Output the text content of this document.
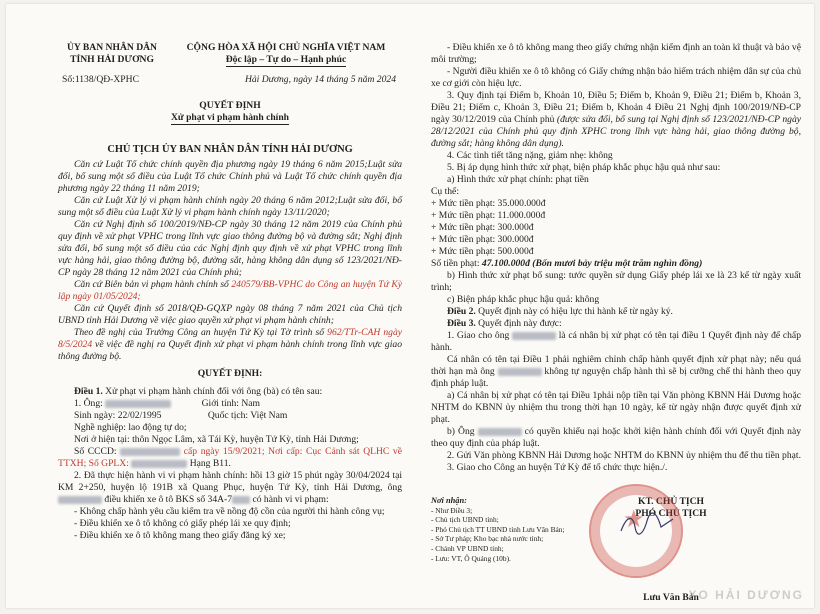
ỦY BAN NHÂN DÂN
TỈNH HẢI DƯƠNG
CỘNG HÒA XÃ HỘI CHỦ NGHĨA VIỆT NAM
Độc lập – Tự do – Hạnh phúc
Số:1138/QĐ-XPHC	Hải Dương, ngày 14 tháng 5 năm 2024
QUYẾT ĐỊNH
Xử phạt vi phạm hành chính
CHỦ TỊCH ỦY BAN NHÂN DÂN TỈNH HẢI DƯƠNG

Căn cứ Luật Tổ chức chính quyền địa phương ngày 19 tháng 6 năm 2015;Luật sửa đổi, bổ sung một số điều của Luật Tổ chức Chính phủ và Luật Tổ chức chính quyền địa phương ngày 22 tháng 11 năm 2019;

Căn cứ Luật Xử lý vi phạm hành chính ngày 20 tháng 6 năm 2012;Luật sửa đổi, bổ sung một số điều của Luật Xử lý vi phạm hành chính ngày 13/11/2020;

Căn cứ Nghị định số 100/2019/NĐ-CP ngày 30 tháng 12 năm 2019 của Chính phủ quy định về xử phạt VPHC trong lĩnh vực giao thông đường bộ và đường sắt; Nghị định sửa đổi, bổ sung một số điều của các Nghị định quy định về xử phạt VPHC trong lĩnh vực hàng hải, giao thông đường bộ, đường sắt, hàng không dân dụng số 123/2021/NĐ-CP ngày 28 tháng 12 năm 2021 của Chính phủ;

Căn cứ Biên bản vi phạm hành chính số 240579/BB-VPHC do Công an huyện Tứ Kỳ lập ngày 01/05/2024;

Căn cứ Quyết định số 2018/QĐ-GQXP ngày 08 tháng 7 năm 2021 của Chủ tịch UBND tỉnh Hải Dương về việc giao quyền xử phạt vi phạm hành chính;

Theo đề nghị của Trưởng Công an huyện Tứ Kỳ tại Tờ trình số 962/TTr-CAH ngày 8/5/2024 về việc đề nghị ra Quyết định xử phạt vi phạm hành chính trong lĩnh vực giao thông đường bộ.

QUYẾT ĐỊNH:

Điều 1. Xử phạt vi phạm hành chính đối với ông (bà) có tên sau:

1. Ông:	Giới tính: Nam

Sinh ngày: 22/02/1995	Quốc tịch: Việt Nam

Nghề nghiệp: lao động tự do;

Nơi ở hiện tại: thôn Ngọc Lâm, xã Tái Kỳ, huyện Tứ Kỳ, tỉnh Hải Dương;

Số CCCD:	cấp ngày 15/9/2021; Nơi cấp: Cục Cảnh sát QLHC về TTXH; Số GPLX:	Hạng B11.

2. Đã thực hiện hành vi vi phạm hành chính: hồi 13 giờ 15 phút ngày 30/04/2024 tại KM 2+250, huyện lộ 191B xã Quang Phục, huyện Tứ Kỳ, tỉnh Hải Dương, ông  điều khiển xe ô tô BKS số 34A-7 có hành vi vi phạm:

- Không chấp hành yêu cầu kiểm tra về nồng độ cồn của người thi hành công vụ;

- Điều khiển xe ô tô không có giấy phép lái xe quy định;

- Điều khiển xe ô tô không mang theo giấy đăng ký xe;

- Điều khiển xe ô tô không mang theo giấy chứng nhận kiểm định an toàn kĩ thuật và bảo vệ môi trường;

- Người điều khiển xe ô tô không có Giấy chứng nhận bảo hiểm trách nhiệm dân sự của chủ xe cơ giới còn hiệu lực.

3. Quy định tại Điểm b, Khoản 10, Điều 5; Điểm b, Khoản 9, Điều 21; Điểm b, Khoản 3, Điều 21; Điểm c, Khoản 3, Điều 21; Điểm b, Khoản 4 Điều 21 Nghị định 100/2019/NĐ-CP ngày 30/12/2019 của Chính phủ (được sửa đổi, bổ sung tại Nghị định số 123/2021/NĐ-CP ngày 28/12/2021 của Chính phủ quy định XPHC trong lĩnh vực hàng hải, giao thông đường bộ, đường sắt; hàng không dân dụng).

4. Các tình tiết tăng nặng, giảm nhẹ: không

5. Bị áp dụng hình thức xử phạt, biện pháp khắc phục hậu quả như sau:

a) Hình thức xử phạt chính: phạt tiền

Cụ thể:

+ Mức tiền phạt: 35.000.000đ

+ Mức tiền phạt: 11.000.000đ

+ Mức tiền phạt: 300.000đ

+ Mức tiền phạt: 300.000đ

+ Mức tiền phạt: 500.000đ

Số tiền phạt: 47.100.000đ (Bốn mươi bảy triệu một trăm nghìn đồng)

b) Hình thức xử phạt bổ sung: tước quyền sử dụng Giấy phép lái xe là 23 kể từ ngày xuất trình;

c) Biện pháp khắc phục hậu quả: không

Điều 2. Quyết định này có hiệu lực thi hành kể từ ngày ký.

Điều 3. Quyết định này được:

1. Giao cho ông	là cá nhân bị xử phạt có tên tại điều 1 Quyết định này để chấp hành.

Cá nhân có tên tại Điều 1 phải nghiêm chỉnh chấp hành quyết định xử phạt này; nếu quá thời hạn mà ông	không tự nguyện chấp hành thì sẽ bị cưỡng chế thi hành theo quy định pháp luật.

a) Cá nhân bị xử phạt có tên tại Điều 1phải nộp tiền tại Văn phòng KBNN Hải Dương hoặc NHTM do KBNN ủy nhiệm thu trong thời hạn 10 ngày, kể từ ngày nhận được quyết định xử phạt.

b) Ông	có quyền khiếu nại hoặc khởi kiện hành chính đối với Quyết định này theo quy định của pháp luật.

2. Gửi Văn phòng KBNN Hải Dương hoặc NHTM do KBNN ủy nhiệm thu để thu tiền phạt.

3. Giao cho Công an huyện Tứ Kỳ để tổ chức thực hiện./.

Nơi nhận:
- Như Điều 3;
- Chủ tịch UBND tỉnh;
- Phó Chủ tịch TT UBND tỉnh Lưu Văn Bản;
- Sở Tư pháp; Kho bạc nhà nước tỉnh;
- Chánh VP UBND tỉnh;
- Lưu: VT, Ô Quảng (10b).
KT. CHỦ TỊCH
PHÓ CHỦ TỊCH
★
Lưu Văn Bản
XO HẢI DƯƠNG
